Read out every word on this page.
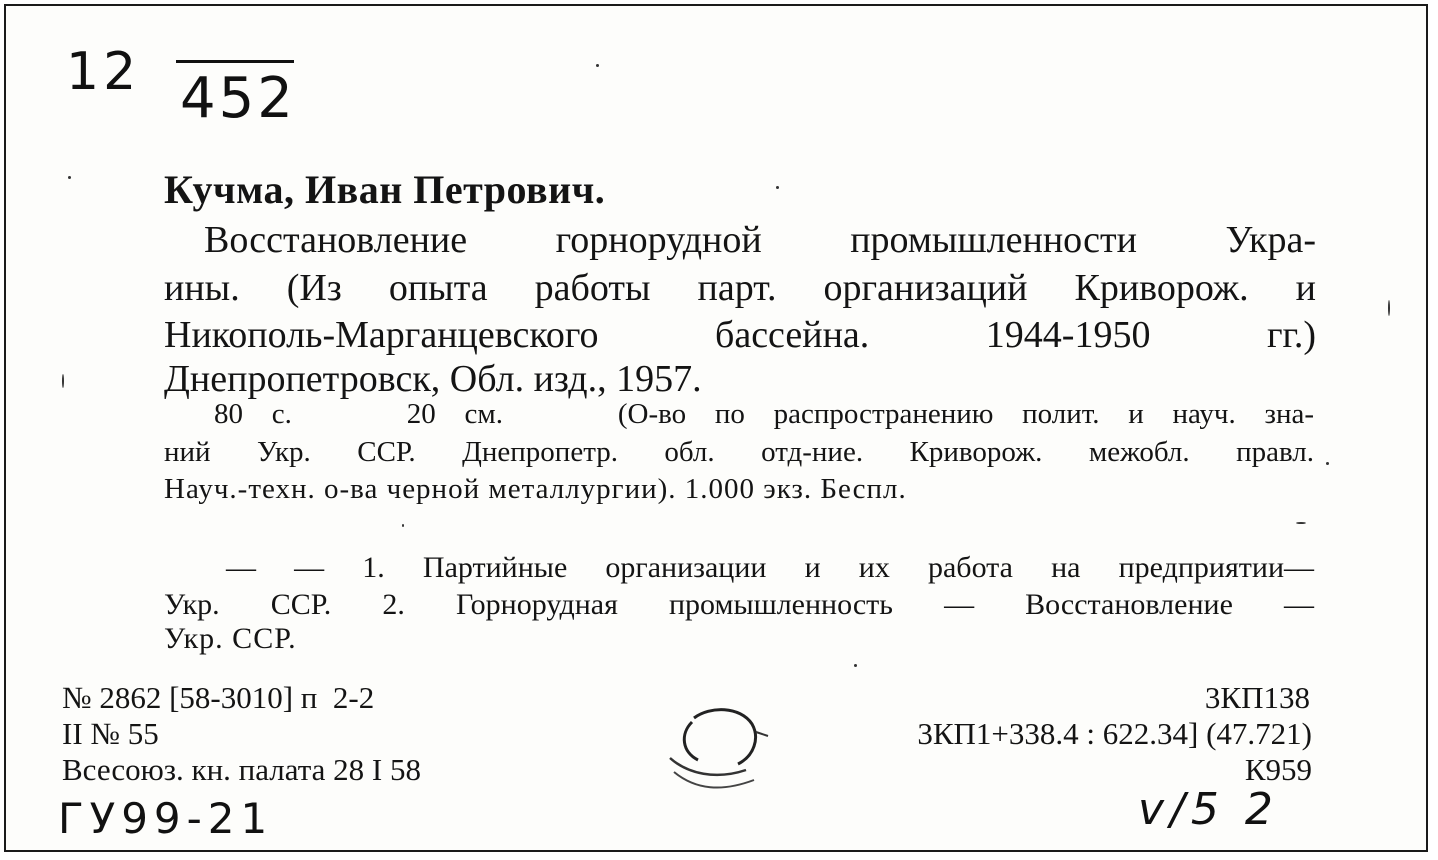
12 452
Кучма, Иван Петрович.
Восстановление горнорудной промышленности Укра-
ины. (Из опыта работы парт. организаций Криворож. и
Никополь-Марганцевского бассейна. 1944-1950 гг.)
Днепропетровск, Обл. изд., 1957.
80 с.    20 см.    (О-во по распространению полит. и науч. зна-
ний Укр. ССР. Днепропетр. обл. отд-ние. Криворож. межобл. правл.
Науч.-техн. о-ва черной металлургии). 1.000 экз. Беспл.
— — 1. Партийные организации и их работа на предприятии—
Укр. ССР. 2. Горнорудная промышленность — Восстановление —
Укр. ССР.
№ 2862 [58-3010] п  2-2
II № 55
Всесоюз. кн. палата 28 I 58
3КП138
3КП1+338.4 : 622.34] (47.721)
К959
ГУ99-21	v/5 2
